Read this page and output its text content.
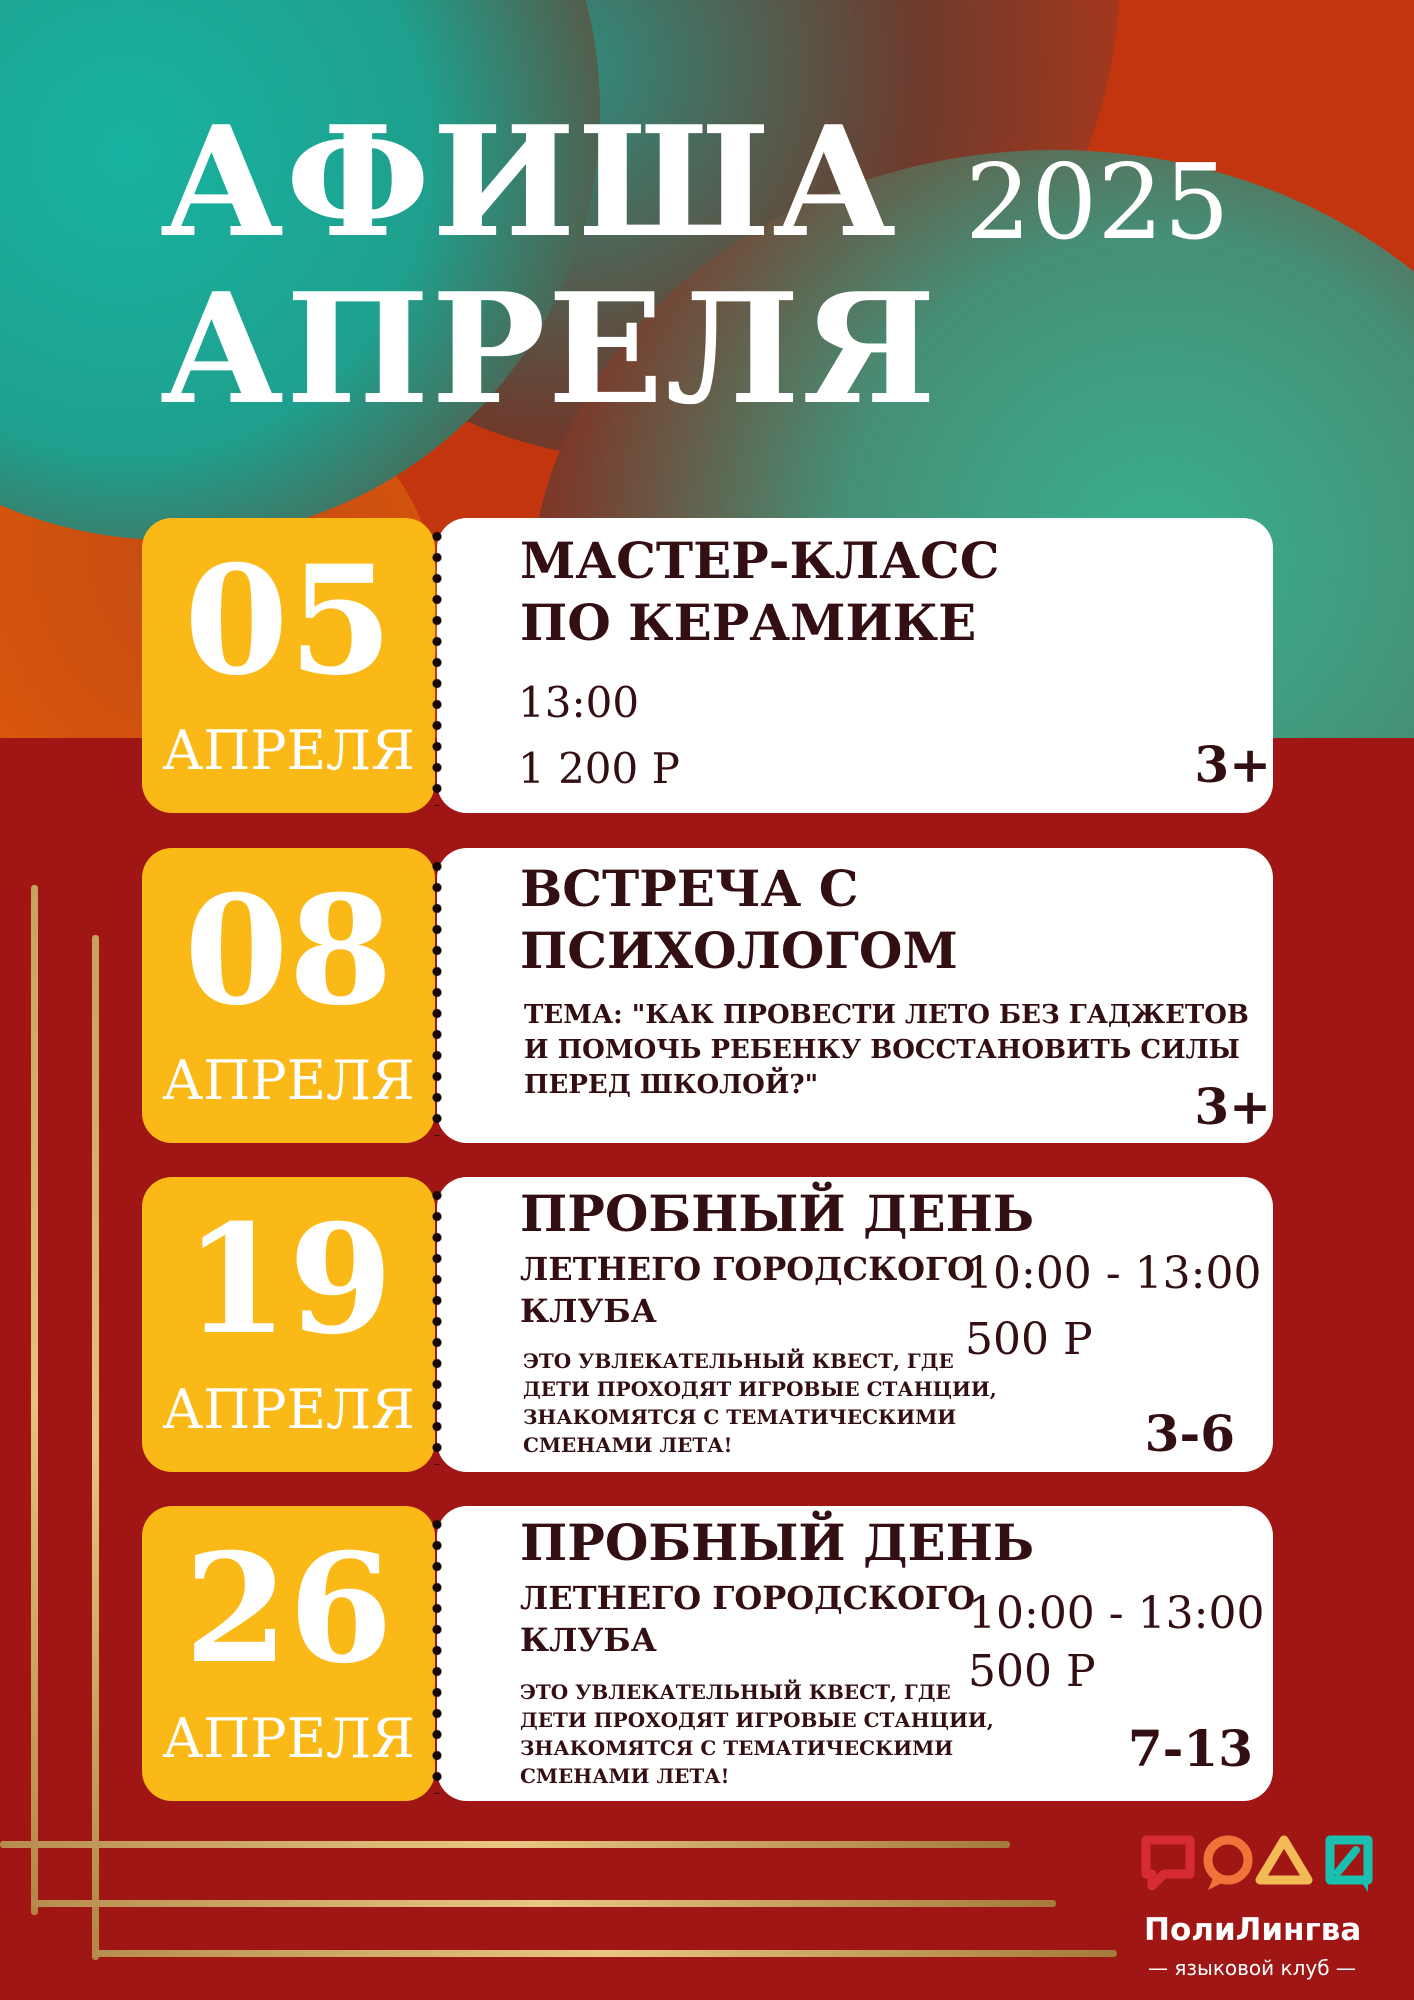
АФИША
АПРЕЛЯ
2025
05
АПРЕЛЯ
МАСТЕР-КЛАСС
ПО КЕРАМИКЕ
13:00
1 200 Р	3+
08
АПРЕЛЯ
ВСТРЕЧА С
ПСИХОЛОГОМ
ТЕМА: "КАК ПРОВЕСТИ ЛЕТО БЕЗ ГАДЖЕТОВ
И ПОМОЧЬ РЕБЕНКУ ВОССТАНОВИТЬ СИЛЫ
ПЕРЕД ШКОЛОЙ?"	3+
19
АПРЕЛЯ
ПРОБНЫЙ ДЕНЬ
ЛЕТНЕГО ГОРОДСКОГО
КЛУБА
ЭТО УВЛЕКАТЕЛЬНЫЙ КВЕСТ, ГДЕ
ДЕТИ ПРОХОДЯТ ИГРОВЫЕ СТАНЦИИ,
ЗНАКОМЯТСЯ С ТЕМАТИЧЕСКИМИ
СМЕНАМИ ЛЕТА!
10:00 - 13:00
500 Р
3-6
26
АПРЕЛЯ
ПРОБНЫЙ ДЕНЬ
ЛЕТНЕГО ГОРОДСКОГО
КЛУБА
ЭТО УВЛЕКАТЕЛЬНЫЙ КВЕСТ, ГДЕ
ДЕТИ ПРОХОДЯТ ИГРОВЫЕ СТАНЦИИ,
ЗНАКОМЯТСЯ С ТЕМАТИЧЕСКИМИ
СМЕНАМИ ЛЕТА!
10:00 - 13:00
500 Р
7-13
ПолиЛингва
— языковой клуб —
